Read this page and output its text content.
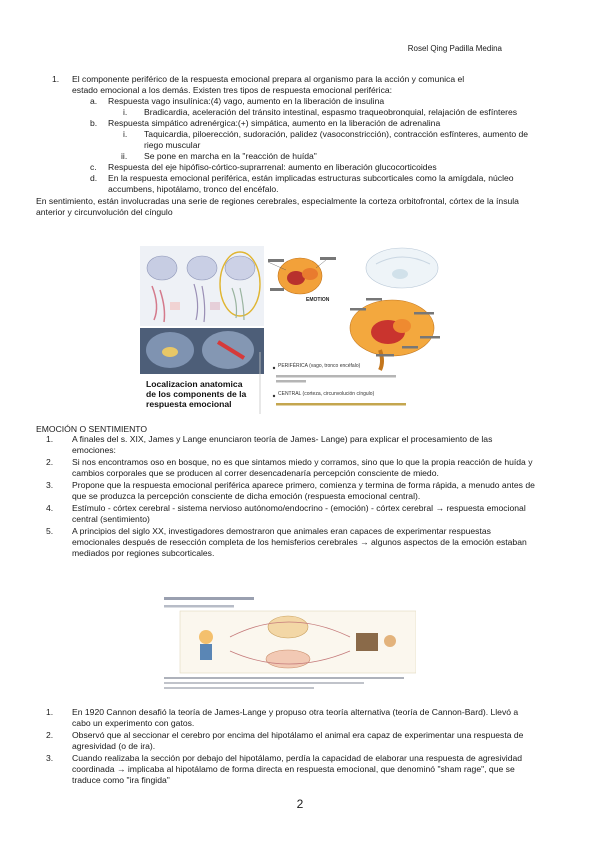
Rosel Qing Padilla Medina
1. El componente periférico de la respuesta emocional prepara al organismo para la acción y comunica el
estado emocional a los demás. Existen tres tipos de respuesta emocional periférica:
a. Respuesta vago insulínica:(4) vago, aumento en la liberación de insulina
i. Bradicardia, aceleración del tránsito intestinal, espasmo traqueobronquial, relajación de esfínteres
b. Respuesta simpático adrenérgica:(+) simpática, aumento en la liberación de adrenalina
i. Taquicardia, piloerección, sudoración, palidez (vasoconstricción), contracción esfínteres, aumento de
riego muscular
ii. Se pone en marcha en la "reacción de huída"
c. Respuesta del eje hipófiso-córtico-suprarrenal: aumento en liberación glucocorticoides
d. En la respuesta emocional periférica, están implicadas estructuras subcorticales como la amígdala, núcleo
accumbens, hipotálamo, tronco del encéfalo.
En sentimiento, están involucradas una serie de regiones cerebrales, especialmente la corteza orbitofrontal, córtex de la ínsula
anterior y circunvolución del cíngulo
EMOTION
PERIFÉRICA (vago, tronco encéfalo)
CENTRAL (corteza, circunvolución cíngulo)
Localizacion anatomica
de los components de la
respuesta emocional
EMOCIÓN O SENTIMIENTO
1. A finales del s. XIX, James y Lange enunciaron teoría de James- Lange) para explicar el procesamiento de las
emociones:
2. Si nos encontramos oso en bosque, no es que sintamos miedo y corramos, sino que lo que la propia reacción de huída y
cambios corporales que se producen al correr desencadenaría percepción consciente de miedo.
3. Propone que la respuesta emocional periférica aparece primero, comienza y termina de forma rápida, a menudo antes de
que se produzca la percepción consciente de dicha emoción (respuesta emocional central).
4. Estímulo - córtex cerebral - sistema nervioso autónomo/endocrino - (emoción) - córtex cerebral → respuesta emocional
central (sentimiento)
5. A principios del siglo XX, investigadores demostraron que animales eran capaces de experimentar respuestas
emocionales después de resección completa de los hemisferios cerebrales → algunos aspectos de la emoción estaban
mediados por regiones subcorticales.
1. En 1920 Cannon desafió la teoría de James-Lange y propuso otra teoría alternativa (teoría de Cannon-Bard). Llevó a
cabo un experimento con gatos.
2. Observó que al seccionar el cerebro por encima del hipotálamo el animal era capaz de experimentar una respuesta de
agresividad (o de ira).
3. Cuando realizaba la sección por debajo del hipotálamo, perdía la capacidad de elaborar una respuesta de agresividad
coordinada → implicaba al hipotálamo de forma directa en respuesta emocional, que denominó "sham rage", que se
traduce como "ira fingida"
2
